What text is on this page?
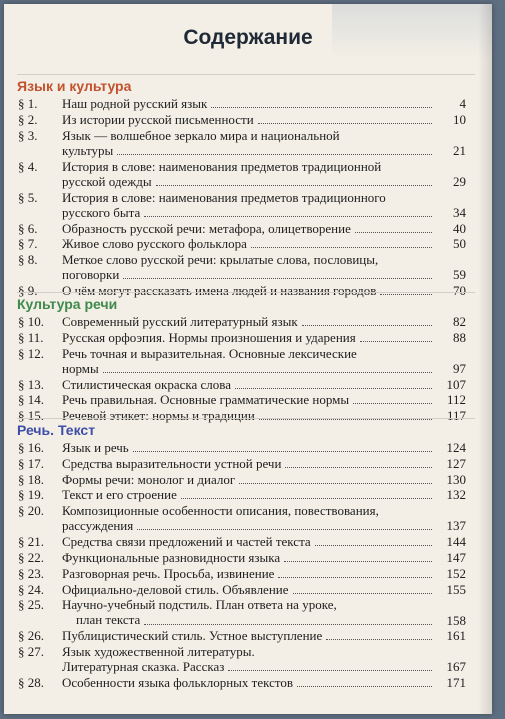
Содержание
Язык и культура
§ 1.	Наш родной русский язык	4
§ 2.	Из истории русской письменности	10
§ 3.	Язык — волшебное зеркало мира и национальной
культуры	21
§ 4.	История в слове: наименования предметов традиционной
русской одежды	29
§ 5.	История в слове: наименования предметов традиционного
русского быта	34
§ 6.	Образность русской речи: метафора, олицетворение	40
§ 7.	Живое слово русского фольклора	50
§ 8.	Меткое слово русской речи: крылатые слова, пословицы,
поговорки	59
§ 9.	О чём могут рассказать имена людей и названия городов	70
Культура речи
§ 10.	Современный русский литературный язык	82
§ 11.	Русская орфоэпия. Нормы произношения и ударения	88
§ 12.	Речь точная и выразительная. Основные лексические
нормы	97
§ 13.	Стилистическая окраска слова	107
§ 14.	Речь правильная. Основные грамматические нормы	112
§ 15.	Речевой этикет: нормы и традиции	117
Речь. Текст
§ 16.	Язык и речь	124
§ 17.	Средства выразительности устной речи	127
§ 18.	Формы речи: монолог и диалог	130
§ 19.	Текст и его строение	132
§ 20.	Композиционные особенности описания, повествования,
рассуждения	137
§ 21.	Средства связи предложений и частей текста	144
§ 22.	Функциональные разновидности языка	147
§ 23.	Разговорная речь. Просьба, извинение	152
§ 24.	Официально-деловой стиль. Объявление	155
§ 25.	Научно-учебный подстиль. План ответа на уроке,
план текста	158
§ 26.	Публицистический стиль. Устное выступление	161
§ 27.	Язык художественной литературы.
Литературная сказка. Рассказ	167
§ 28.	Особенности языка фольклорных текстов	171
